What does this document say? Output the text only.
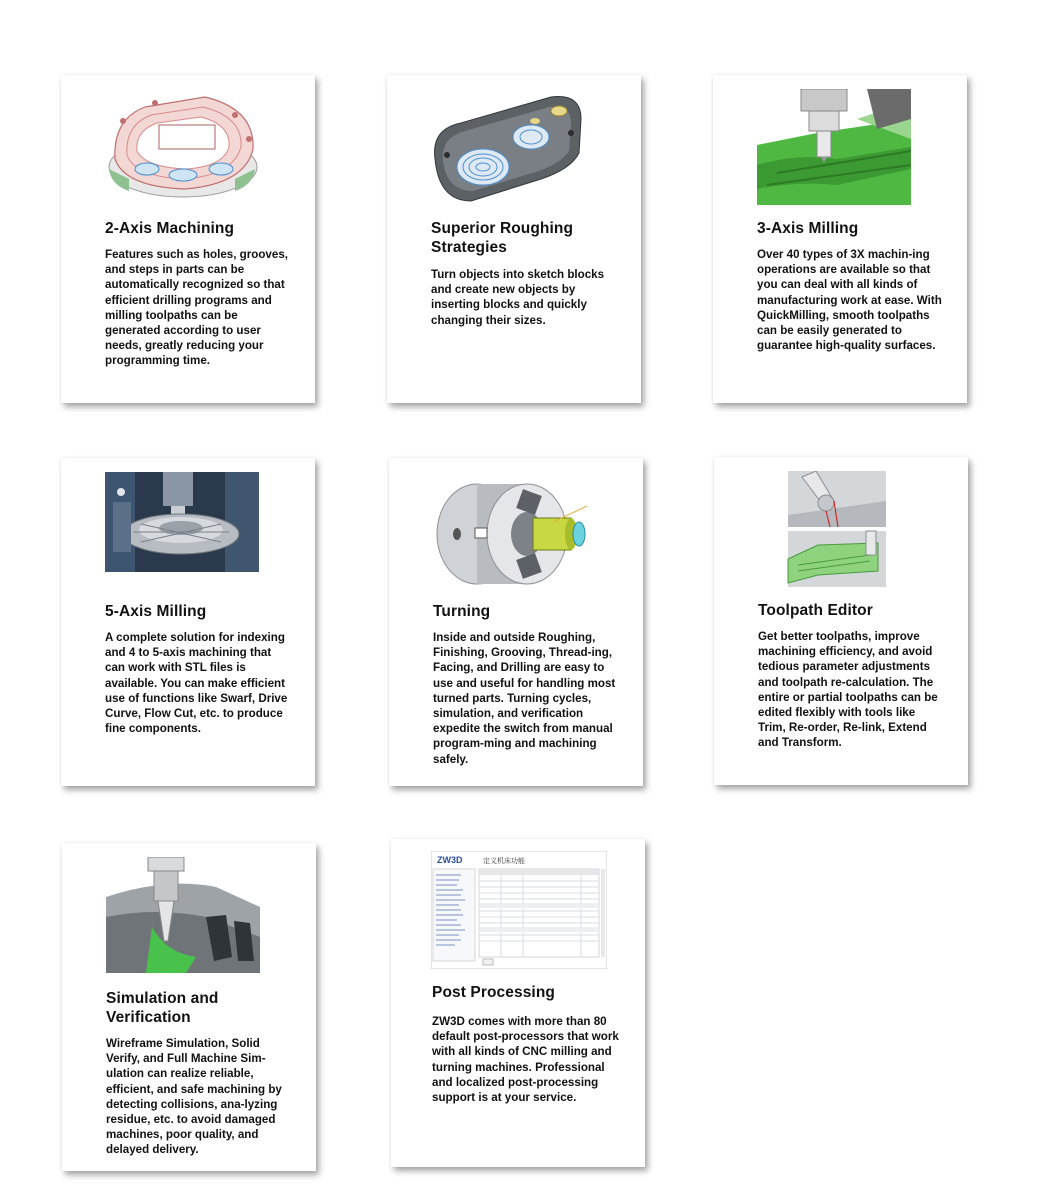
2-Axis Machining

Features such as holes, grooves, and steps in parts can be automatically recognized so that efficient drilling programs and milling toolpaths can be generated according to user needs, greatly reducing your programming time.

Superior Roughing Strategies

Turn objects into sketch blocks and create new objects by inserting blocks and quickly changing their sizes.

3-Axis Milling

Over 40 types of 3X machin-ing operations are available so that you can deal with all kinds of manufacturing work at ease. With QuickMilling, smooth toolpaths can be easily generated to guarantee high-quality surfaces.

5-Axis Milling

A complete solution for indexing and 4 to 5-axis machining that can work with STL files is available. You can make efficient use of functions like Swarf, Drive Curve, Flow Cut, etc. to produce fine components.

Turning

Inside and outside Roughing, Finishing, Grooving, Thread-ing, Facing, and Drilling are easy to use and useful for handling most turned parts. Turning cycles, simulation, and verification expedite the switch from manual program-ming and machining safely.

Toolpath Editor

Get better toolpaths, improve machining efficiency, and avoid tedious parameter adjustments and toolpath re-calculation. The entire or partial toolpaths can be edited flexibly with tools like Trim, Re-order, Re-link, Extend and Transform.

Simulation and Verification

Wireframe Simulation, Solid Verify, and Full Machine Sim-ulation can realize reliable, efficient, and safe machining by detecting collisions, ana-lyzing residue, etc. to avoid damaged machines, poor quality, and delayed delivery.

ZW3D	定义机床功能
Post Processing

ZW3D comes with more than 80 default post-processors that work with all kinds of CNC milling and turning machines. Professional and localized post-processing support is at your service.
